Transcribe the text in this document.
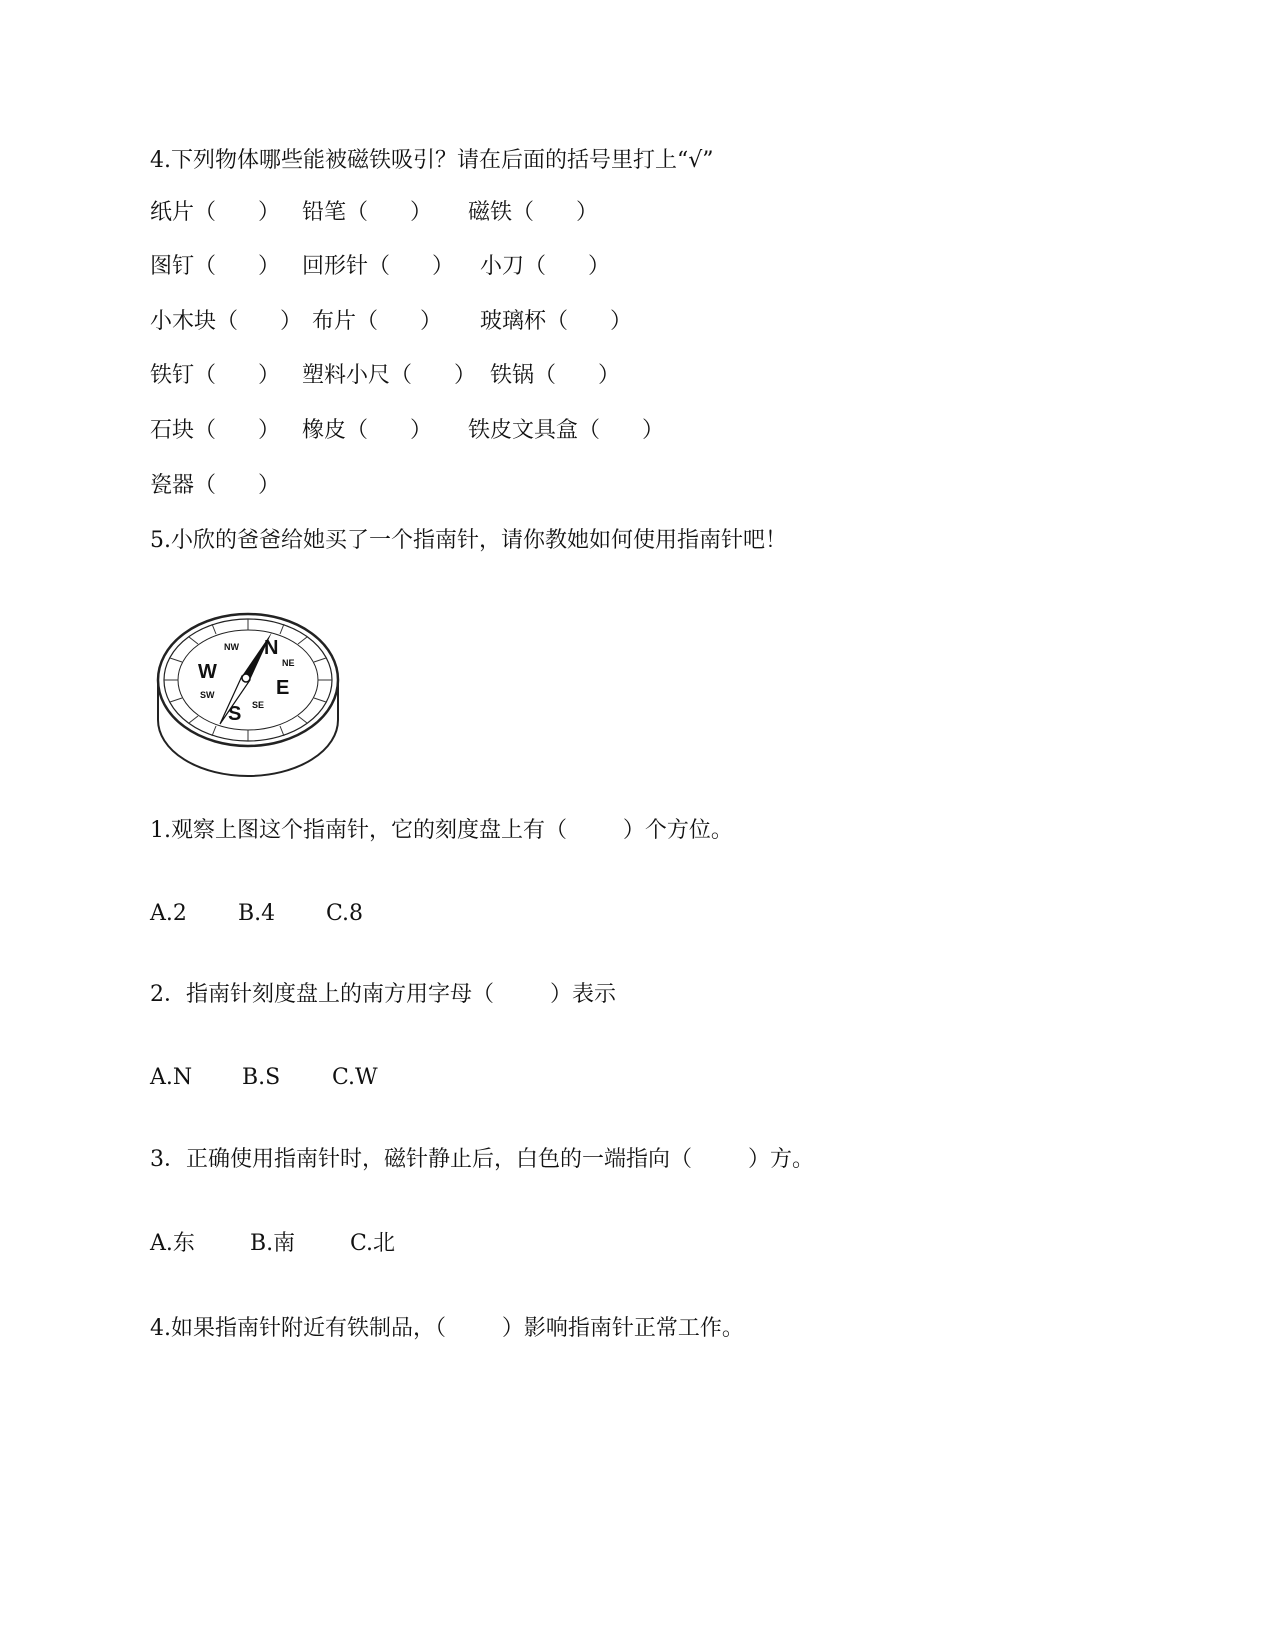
4.下列物体哪些能被磁铁吸引？请在后面的括号里打上“√”
纸片（      ） 铅笔（      ） 磁铁（      ）
图钉（      ） 回形针（      ） 小刀（      ）
小木块（      ） 布片（      ） 玻璃杯（      ）
铁钉（      ） 塑料小尺（      ） 铁锅（      ）
石块（      ） 橡皮（      ） 铁皮文具盒（      ）
瓷器（      ）
5.小欣的爸爸给她买了一个指南针，请你教她如何使用指南针吧！
N
E
S
W
NW
NE
SE
SW
1.观察上图这个指南针，它的刻度盘上有（        ）个方位。
A.2 B.4 C.8
2．指南针刻度盘上的南方用字母（        ）表示
A.N B.S C.W
3．正确使用指南针时，磁针静止后，白色的一端指向（        ）方。
A.东	B.南 C.北
4.如果指南针附近有铁制品，（        ）影响指南针正常工作。
